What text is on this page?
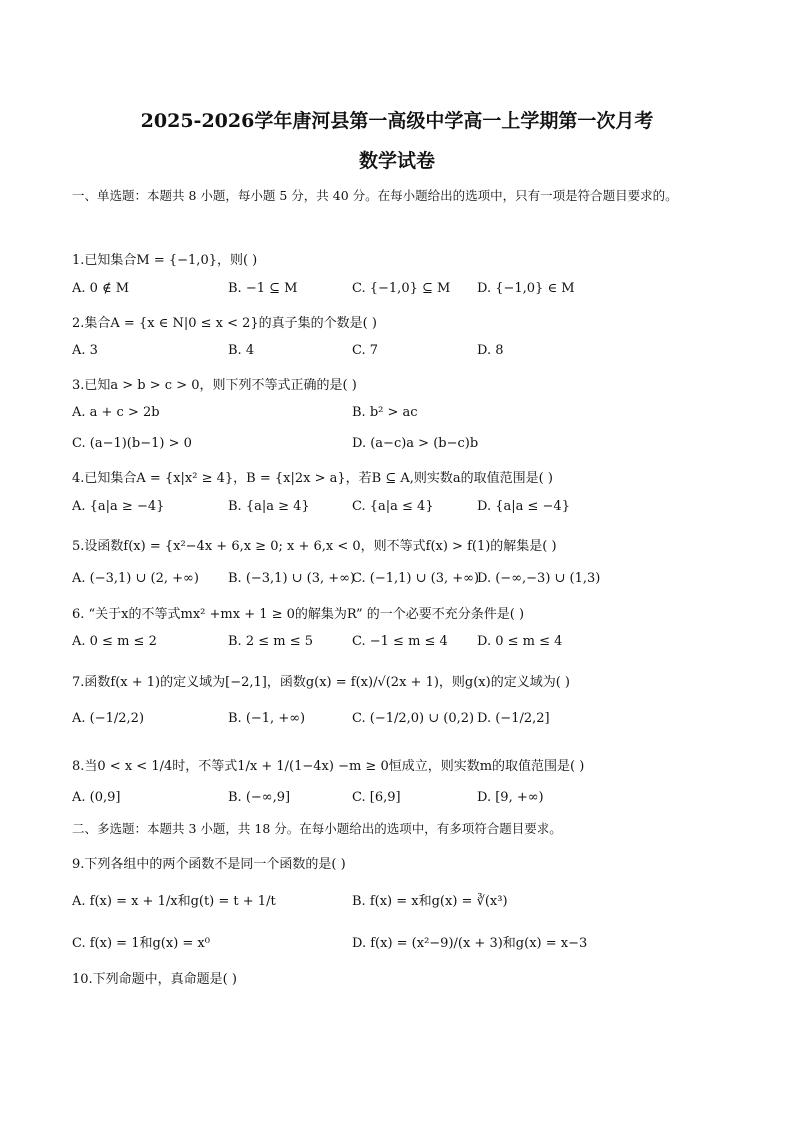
2025-2026学年唐河县第一高级中学高一上学期第一次月考
数学试卷
一、单选题：本题共 8 小题，每小题 5 分，共 40 分。在每小题给出的选项中，只有一项是符合题目要求的。
1.已知集合M = {−1,0}，则( )
A. 0 ∉ M	B. −1 ⊆ M	C. {−1,0} ⊆ M D. {−1,0} ∈ M
2.集合A = {x ∈ N|0 ≤ x < 2}的真子集的个数是( )
A. 3	B. 4	C. 7	D. 8
3.已知a > b > c > 0，则下列不等式正确的是( )
A. a + c > 2b	B. b² > ac
C. (a−1)(b−1) > 0	D. (a−c)a > (b−c)b
4.已知集合A = {x|x² ≥ 4}，B = {x|2x > a}，若B ⊆ A,则实数a的取值范围是( )
A. {a|a ≥ −4}	B. {a|a ≥ 4}	C. {a|a ≤ 4}	D. {a|a ≤ −4}
5.设函数f(x) = {x²−4x + 6,x ≥ 0; x + 6,x < 0，则不等式f(x) > f(1)的解集是( )
A. (−3,1) ∪ (2, +∞) B. (−3,1) ∪ (3, +∞)
C. (−1,1) ∪ (3, +∞)
D. (−∞,−3) ∪ (1,3)
6. “关于x的不等式mx² +mx + 1 ≥ 0的解集为R” 的一个必要不充分条件是( )
A. 0 ≤ m ≤ 2	B. 2 ≤ m ≤ 5	C. −1 ≤ m ≤ 4 D. 0 ≤ m ≤ 4
7.函数f(x + 1)的定义域为[−2,1]，函数g(x) = f(x)/√(2x + 1)，则g(x)的定义域为( )
A. (−1/2,2)	B. (−1, +∞)	C. (−1/2,0) ∪ (0,2) D. (−1/2,2]
8.当0 < x < 1/4时，不等式1/x + 1/(1−4x) −m ≥ 0恒成立，则实数m的取值范围是( )
A. (0,9]	B. (−∞,9]	C. [6,9]	D. [9, +∞)
二、多选题：本题共 3 小题，共 18 分。在每小题给出的选项中，有多项符合题目要求。
9.下列各组中的两个函数不是同一个函数的是( )
A. f(x) = x + 1/x和g(t) = t + 1/t	B. f(x) = x和g(x) = ∛(x³)
C. f(x) = 1和g(x) = x⁰	D. f(x) = (x²−9)/(x + 3)和g(x) = x−3
10.下列命题中，真命题是( )
